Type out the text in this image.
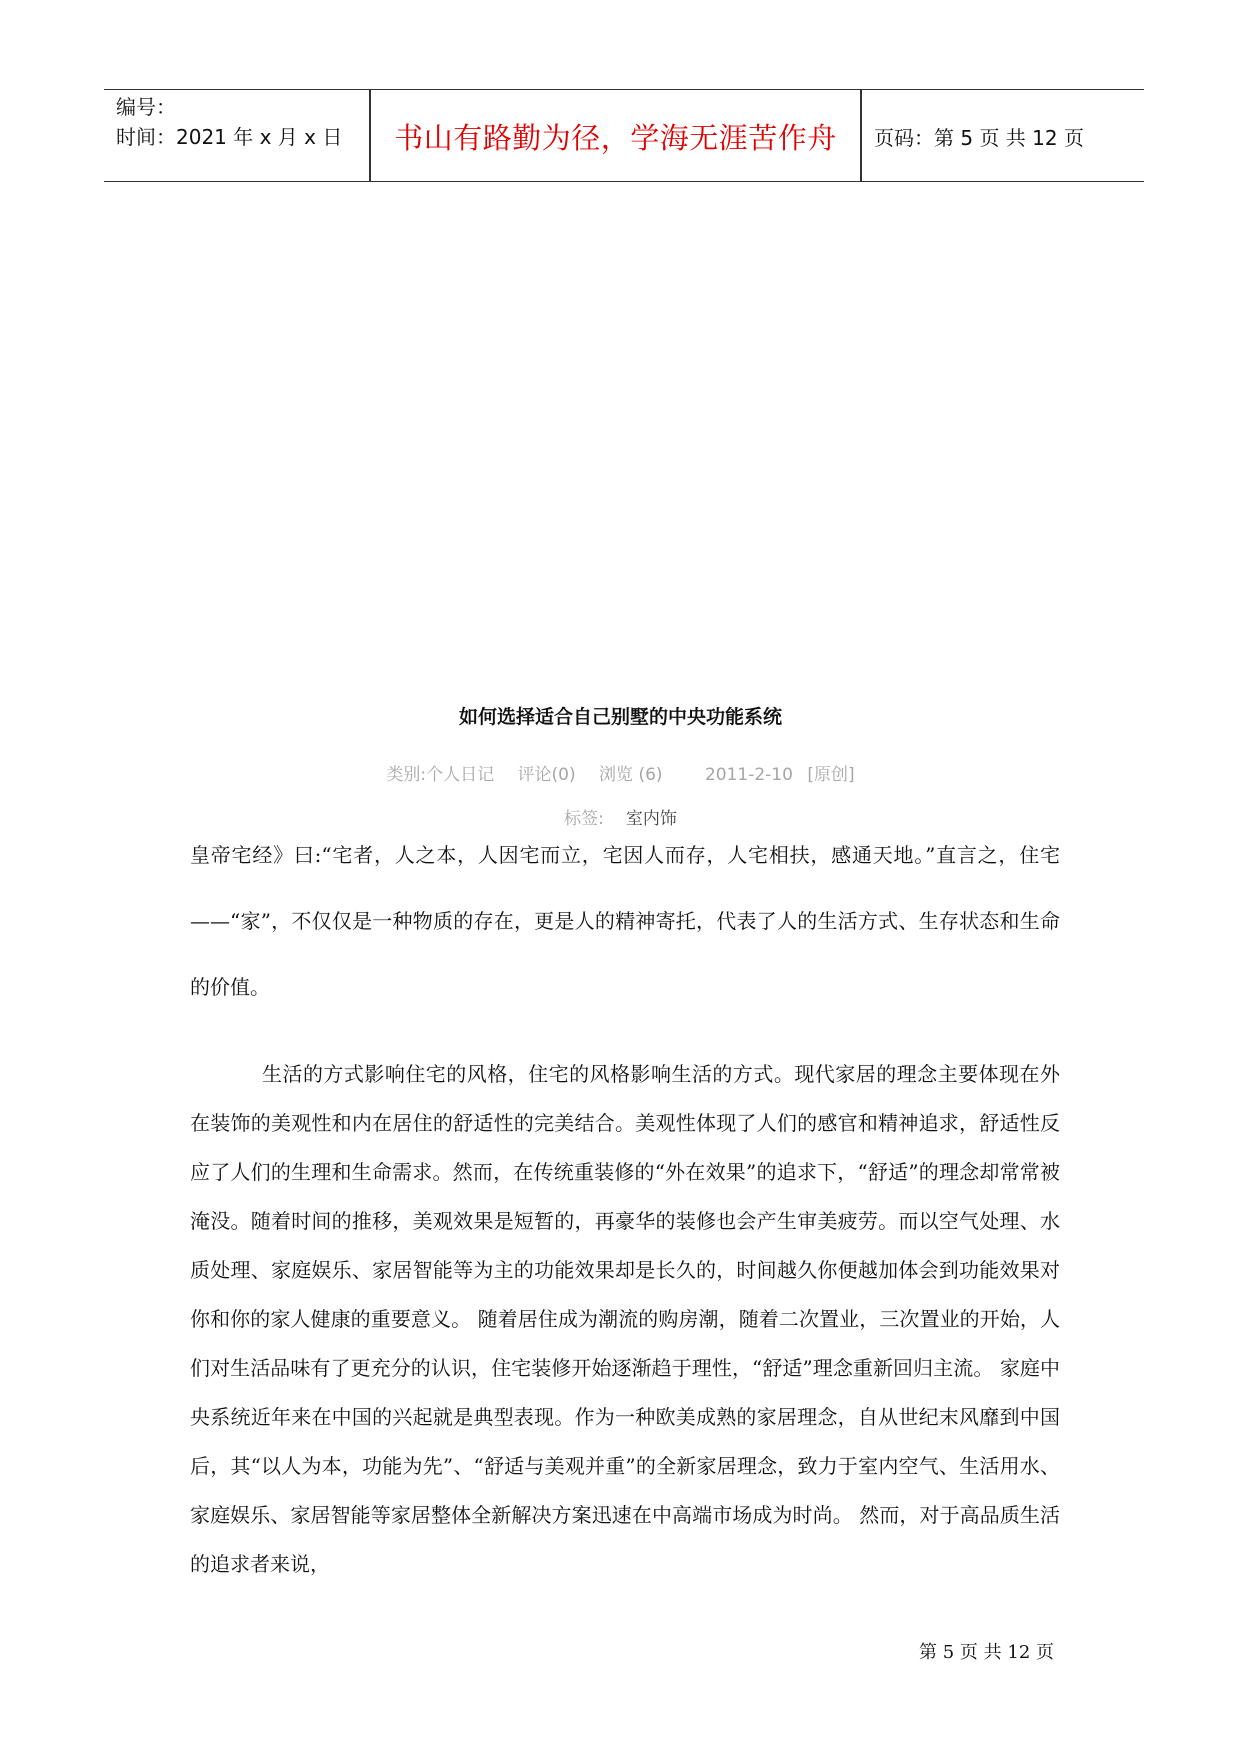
编号：
时间：2021 年 x 月 x 日	书山有路勤为径，学海无涯苦作舟	页码：第 5 页 共 12 页
如何选择适合自己别墅的中央功能系统
类别:个人日记 评论(0) 浏览 (6) 2011-2-10 [原创]
标签: 室内饰
皇帝宅经》曰:“宅者，人之本，人因宅而立，宅因人而存，人宅相扶，感通天地。”直言之，住宅——“家”，不仅仅是一种物质的存在，更是人的精神寄托，代表了人的生活方式、生存状态和生命的价值。
生活的方式影响住宅的风格，住宅的风格影响生活的方式。现代家居的理念主要体现在外在装饰的美观性和内在居住的舒适性的完美结合。美观性体现了人们的感官和精神追求，舒适性反应了人们的生理和生命需求。然而，在传统重装修的“外在效果”的追求下，“舒适”的理念却常常被淹没。随着时间的推移，美观效果是短暂的，再豪华的装修也会产生审美疲劳。而以空气处理、水质处理、家庭娱乐、家居智能等为主的功能效果却是长久的，时间越久你便越加体会到功能效果对你和你的家人健康的重要意义。 随着居住成为潮流的购房潮，随着二次置业，三次置业的开始，人们对生活品味有了更充分的认识，住宅装修开始逐渐趋于理性，“舒适”理念重新回归主流。 家庭中央系统近年来在中国的兴起就是典型表现。作为一种欧美成熟的家居理念，自从世纪末风靡到中国后，其“以人为本，功能为先”、“舒适与美观并重”的全新家居理念，致力于室内空气、生活用水、家庭娱乐、家居智能等家居整体全新解决方案迅速在中高端市场成为时尚。 然而，对于高品质生活的追求者来说，
第 5 页 共 12 页
